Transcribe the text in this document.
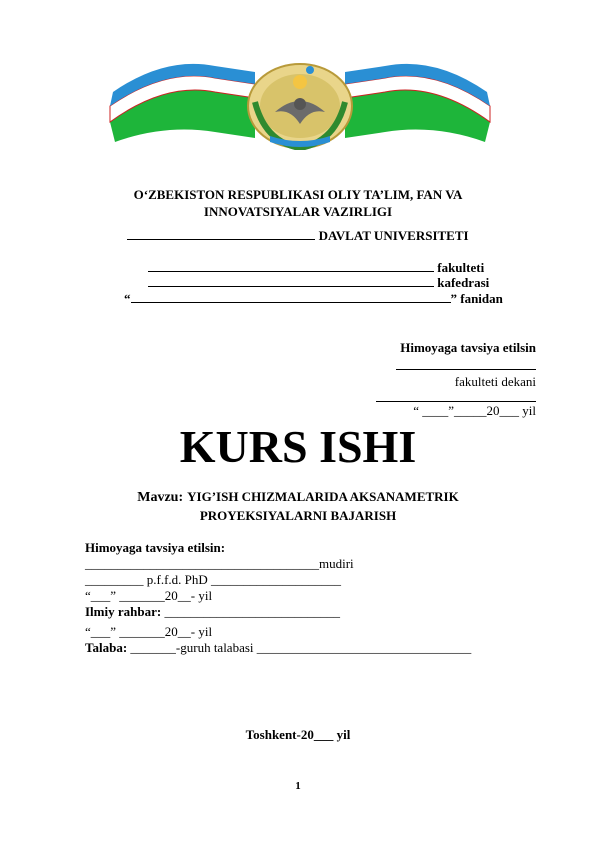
O‘ZBEKISTON RESPUBLIKASI OLIY TA’LIM, FAN VA
INNOVATSIYALAR VAZIRLIGI
DAVLAT UNIVERSITETI
fakulteti
kafedrasi
“	” fanidan
Himoyaga tavsiya etilsin
fakulteti dekani
“ ____”_____20___ yil
KURS ISHI
Mavzu: YIG’ISH CHIZMALARIDA AKSANAMETRIK
PROYEKSIYALARNI BAJARISH
Himoyaga tavsiya etilsin:
____________________________________mudiri
_________ p.f.f.d. PhD ____________________
“___” _______20__- yil
Ilmiy rahbar: ___________________________
“___” _______20__- yil
Talaba: _______-guruh talabasi _________________________________
Toshkent-20___ yil
1
